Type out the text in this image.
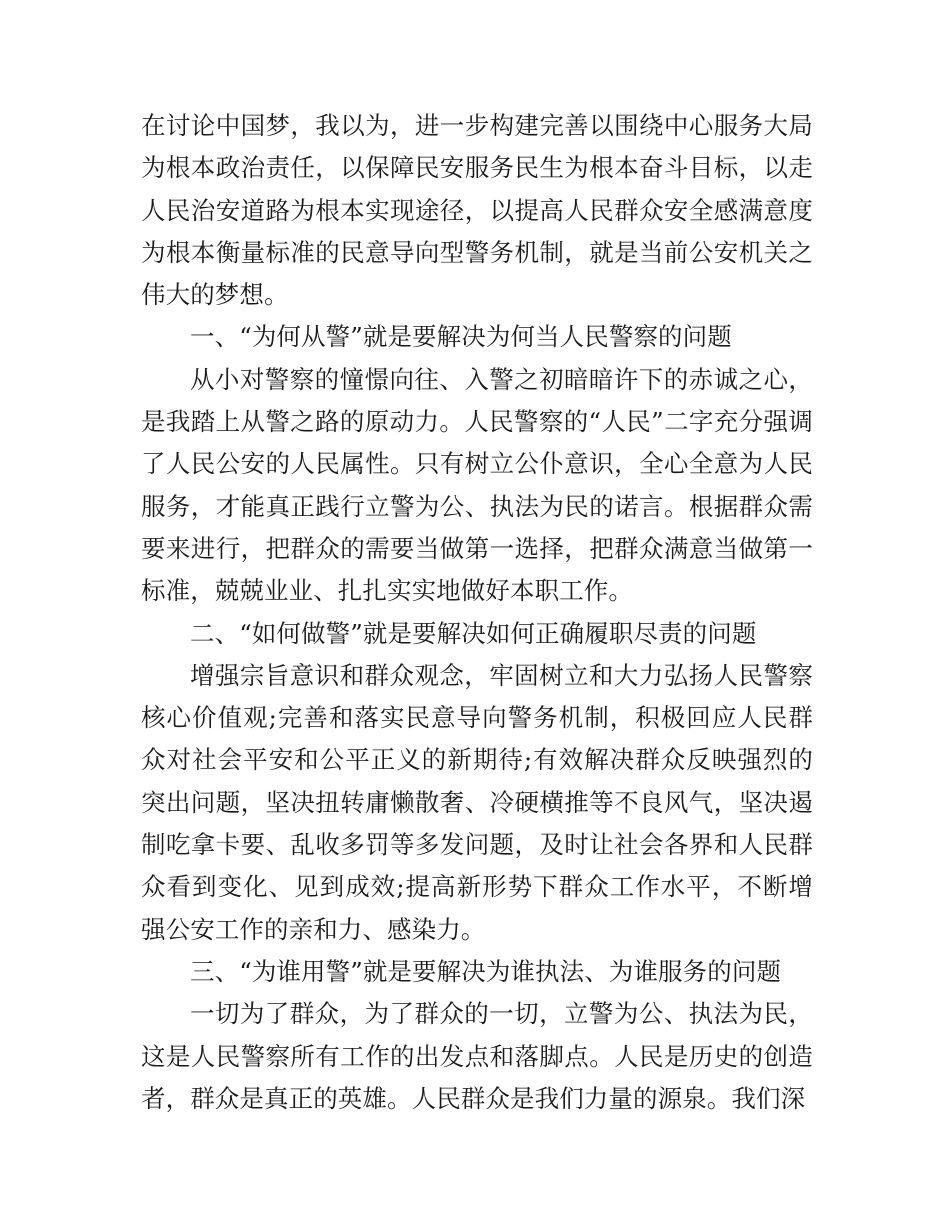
在讨论中国梦，我以为，进一步构建完善以围绕中心服务大局为根本政治责任，以保障民安服务民生为根本奋斗目标，以走人民治安道路为根本实现途径，以提高人民群众安全感满意度为根本衡量标准的民意导向型警务机制，就是当前公安机关之伟大的梦想。

一、“为何从警”就是要解决为何当人民警察的问题

从小对警察的憧憬向往、入警之初暗暗许下的赤诚之心，是我踏上从警之路的原动力。人民警察的“人民”二字充分强调了人民公安的人民属性。只有树立公仆意识，全心全意为人民服务，才能真正践行立警为公、执法为民的诺言。根据群众需要来进行，把群众的需要当做第一选择，把群众满意当做第一标准，兢兢业业、扎扎实实地做好本职工作。

二、“如何做警”就是要解决如何正确履职尽责的问题

增强宗旨意识和群众观念，牢固树立和大力弘扬人民警察核心价值观;完善和落实民意导向警务机制，积极回应人民群众对社会平安和公平正义的新期待;有效解决群众反映强烈的突出问题，坚决扭转庸懒散奢、冷硬横推等不良风气，坚决遏制吃拿卡要、乱收多罚等多发问题，及时让社会各界和人民群众看到变化、见到成效;提高新形势下群众工作水平，不断增强公安工作的亲和力、感染力。

三、“为谁用警”就是要解决为谁执法、为谁服务的问题

一切为了群众，为了群众的一切，立警为公、执法为民，这是人民警察所有工作的出发点和落脚点。人民是历史的创造者，群众是真正的英雄。人民群众是我们力量的源泉。我们深
